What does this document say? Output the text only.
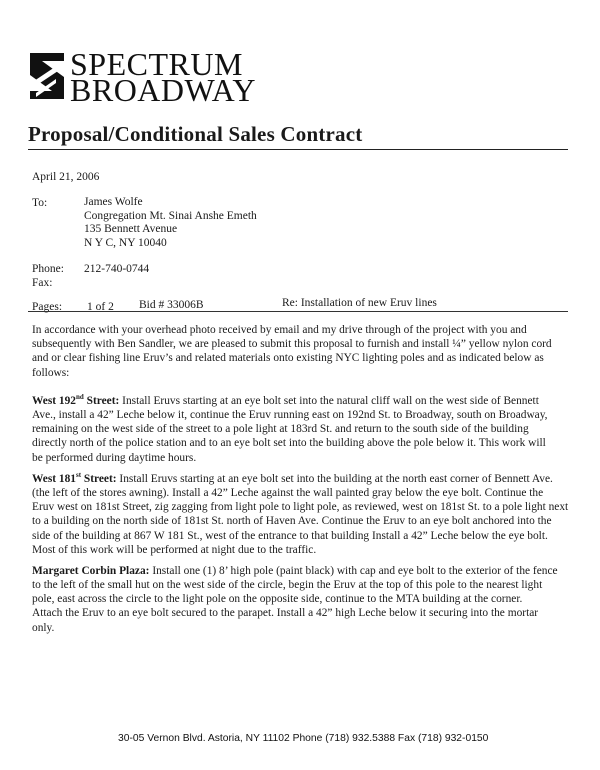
SPECTRUM
BROADWAY
Proposal/Conditional Sales Contract
April 21, 2006
To:	James Wolfe
Congregation Mt. Sinai Anshe Emeth
135 Bennett Avenue
N Y C, NY 10040
Phone: 212-740-0744
Fax:
Pages: 1 of 2 Bid # 33006B	Re: Installation of new Eruv lines
In accordance with your overhead photo received by email and my drive through of the project with you and
subsequently with Ben Sandler, we are pleased to submit this proposal to furnish and install ¼” yellow nylon cord
and or clear fishing line Eruv’s and related materials onto existing NYC lighting poles and as indicated below as
follows:
West 192nd Street: Install Eruvs starting at an eye bolt set into the natural cliff wall on the west side of Bennett
Ave., install a 42” Leche below it, continue the Eruv running east on 192nd St. to Broadway, south on Broadway,
remaining on the west side of the street to a pole light at 183rd St. and return to the south side of the building
directly north of the police station and to an eye bolt set into the building above the pole below it. This work will
be performed during daytime hours.
West 181st Street: Install Eruvs starting at an eye bolt set into the building at the north east corner of Bennett Ave.
(the left of the stores awning). Install a 42” Leche against the wall painted gray below the eye bolt. Continue the
Eruv west on 181st Street, zig zagging from light pole to light pole, as reviewed, west on 181st St. to a pole light next
to a building on the north side of 181st St. north of Haven Ave. Continue the Eruv to an eye bolt anchored into the
side of the building at 867 W 181 St., west of the entrance to that building Install a 42” Leche below the eye bolt.
Most of this work will be performed at night due to the traffic.
Margaret Corbin Plaza: Install one (1) 8’ high pole (paint black) with cap and eye bolt to the exterior of the fence
to the left of the small hut on the west side of the circle, begin the Eruv at the top of this pole to the nearest light
pole, east across the circle to the light pole on the opposite side, continue to the MTA building at the corner.
Attach the Eruv to an eye bolt secured to the parapet. Install a 42” high Leche below it securing into the mortar
only.
30-05 Vernon Blvd. Astoria, NY 11102 Phone (718) 932.5388 Fax (718) 932-0150
